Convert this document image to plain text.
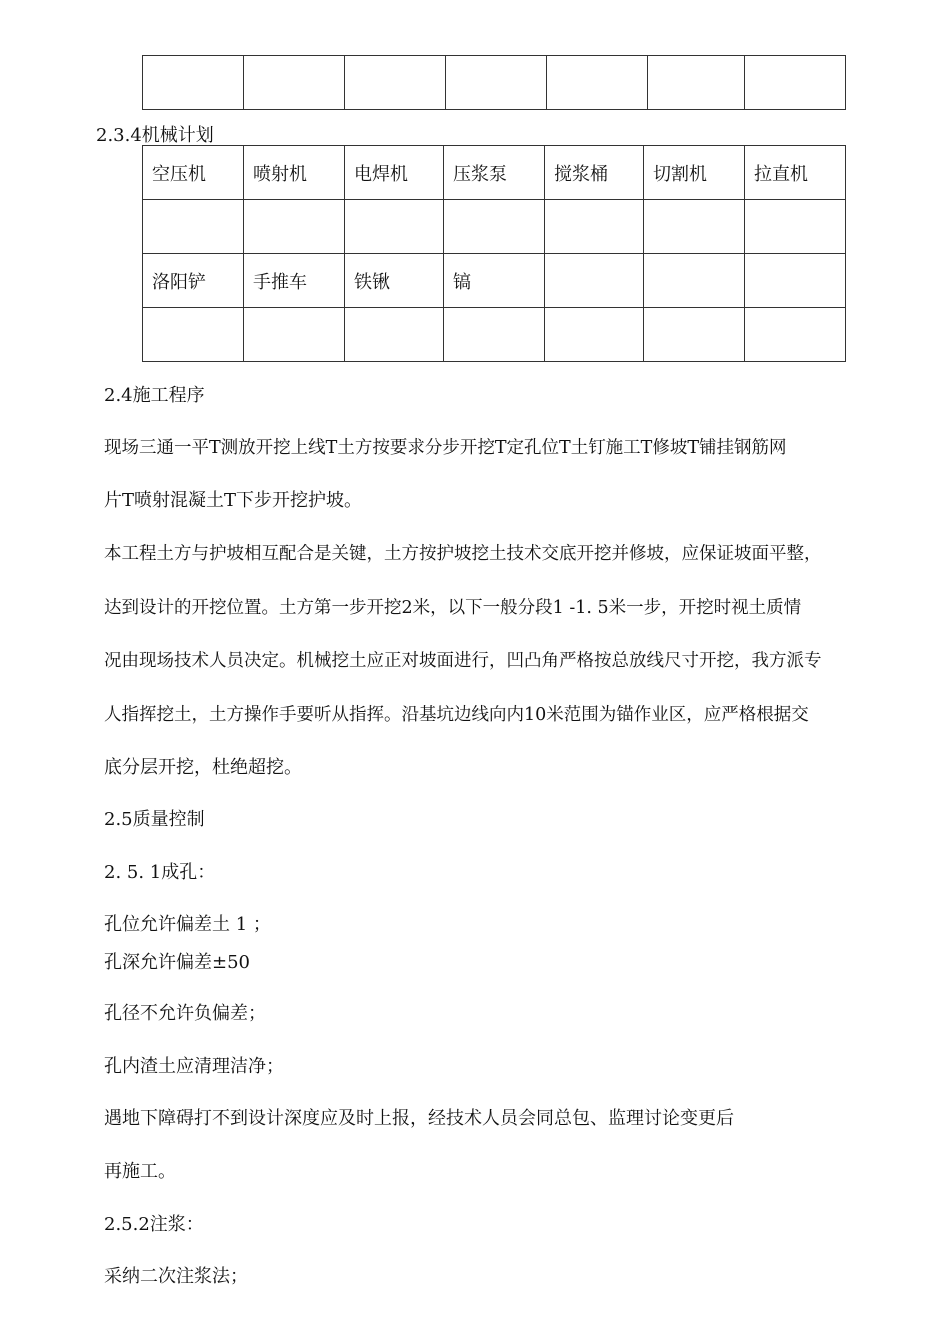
2.3.4机械计划
空压机	喷射机	电焊机	压浆泵	搅浆桶	切割机	拉直机

洛阳铲	手推车	铁锹	镐			

2.4施工程序
现场三通一平T测放开挖上线T土方按要求分步开挖T定孔位T土钉施工T修坡T铺挂钢筋网
片T喷射混凝土T下步开挖护坡。
本工程土方与护坡相互配合是关键，土方按护坡挖土技术交底开挖并修坡，应保证坡面平整，
达到设计的开挖位置。土方第一步开挖2米，以下一般分段1 -1. 5米一步，开挖时视土质情
况由现场技术人员决定。机械挖土应正对坡面进行，凹凸角严格按总放线尺寸开挖，我方派专
人指挥挖土，土方操作手要听从指挥。沿基坑边线向内10米范围为锚作业区，应严格根据交
底分层开挖，杜绝超挖。
2.5质量控制
2. 5. 1成孔：
孔位允许偏差土 1 ；
孔深允许偏差±50
孔径不允许负偏差；
孔内渣土应清理洁净；
遇地下障碍打不到设计深度应及时上报，经技术人员会同总包、监理讨论变更后
再施工。
2.5.2注浆：
采纳二次注浆法；
